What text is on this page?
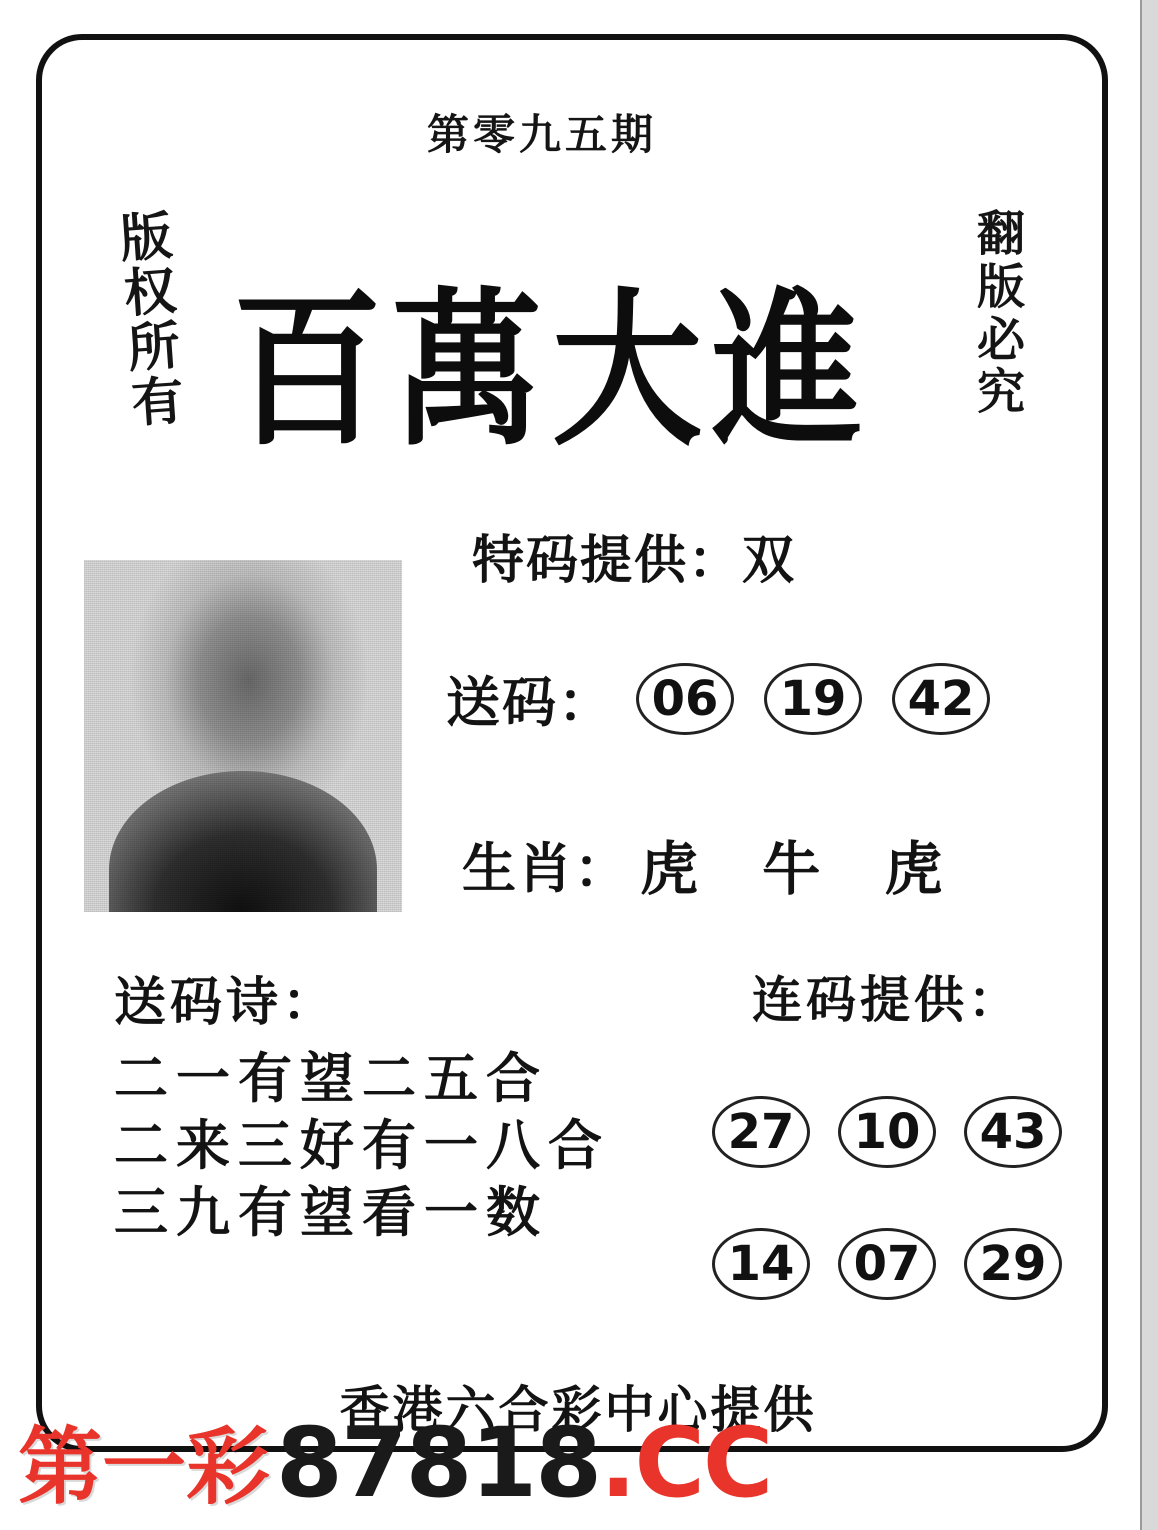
第零九五期
版
权
所
有
翻
版
必
究
百萬大進
特码提供：双
送码： 06	19	42
生肖： 虎 牛 虎
送码诗：
二一有望二五合
二来三好有一八合
三九有望看一数
连码提供：
27	10	43
14	07	29
香港六合彩中心提供
第一彩 87818 .CC
